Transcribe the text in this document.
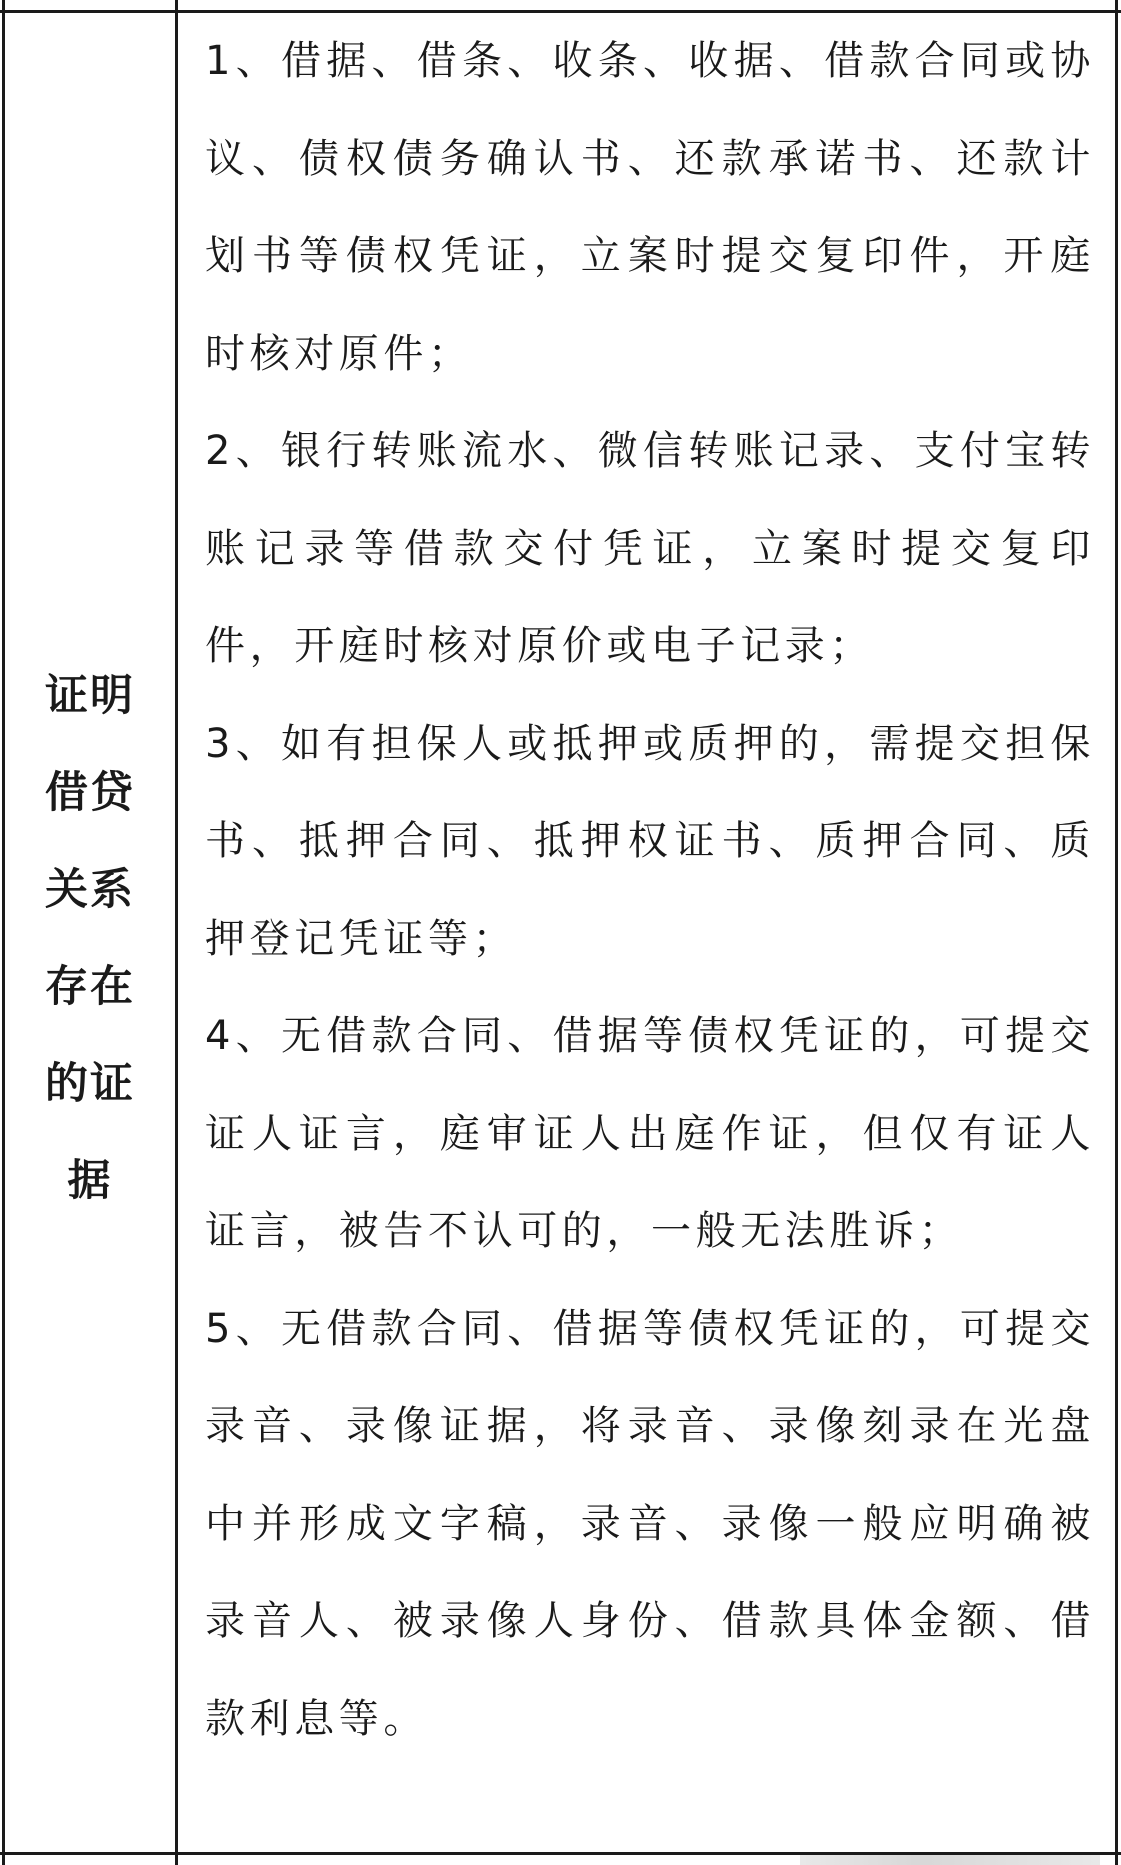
证明借贷关系存在的证据
1、借据、借条、收条、收据、借款合同或协议、债权债务确认书、还款承诺书、还款计划书等债权凭证，立案时提交复印件，开庭时核对原件；
2、银行转账流水、微信转账记录、支付宝转账记录等借款交付凭证，立案时提交复印件，开庭时核对原价或电子记录；
3、如有担保人或抵押或质押的，需提交担保书、抵押合同、抵押权证书、质押合同、质押登记凭证等；
4、无借款合同、借据等债权凭证的，可提交证人证言，庭审证人出庭作证，但仅有证人证言，被告不认可的，一般无法胜诉；
5、无借款合同、借据等债权凭证的，可提交录音、录像证据，将录音、录像刻录在光盘中并形成文字稿，录音、录像一般应明确被录音人、被录像人身份、借款具体金额、借款利息等。
